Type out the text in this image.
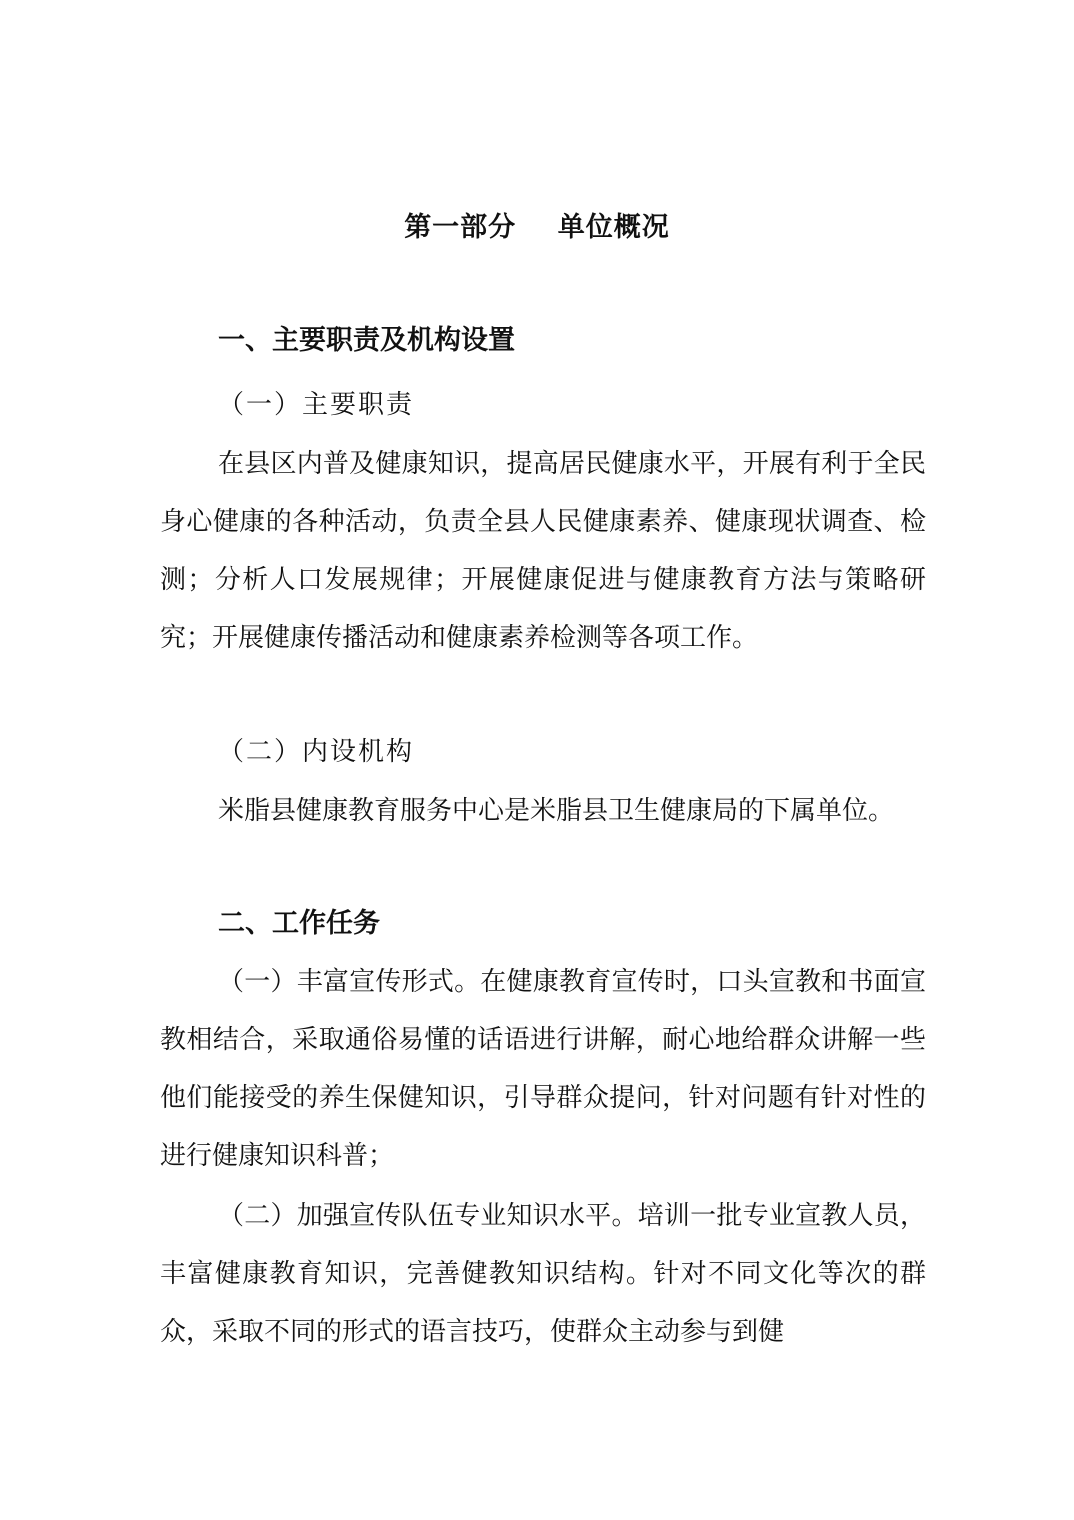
第一部分    单位概况
一、主要职责及机构设置
（一）主要职责

在县区内普及健康知识，提高居民健康水平，开展有利于全民身心健康的各种活动，负责全县人民健康素养、健康现状调查、检测；分析人口发展规律；开展健康促进与健康教育方法与策略研究；开展健康传播活动和健康素养检测等各项工作。

（二）内设机构

米脂县健康教育服务中心是米脂县卫生健康局的下属单位。

二、工作任务

（一）丰富宣传形式。在健康教育宣传时，口头宣教和书面宣教相结合，采取通俗易懂的话语进行讲解，耐心地给群众讲解一些他们能接受的养生保健知识，引导群众提问，针对问题有针对性的进行健康知识科普；

（二）加强宣传队伍专业知识水平。培训一批专业宣教人员，丰富健康教育知识，完善健教知识结构。针对不同文化等次的群众，采取不同的形式的语言技巧，使群众主动参与到健
